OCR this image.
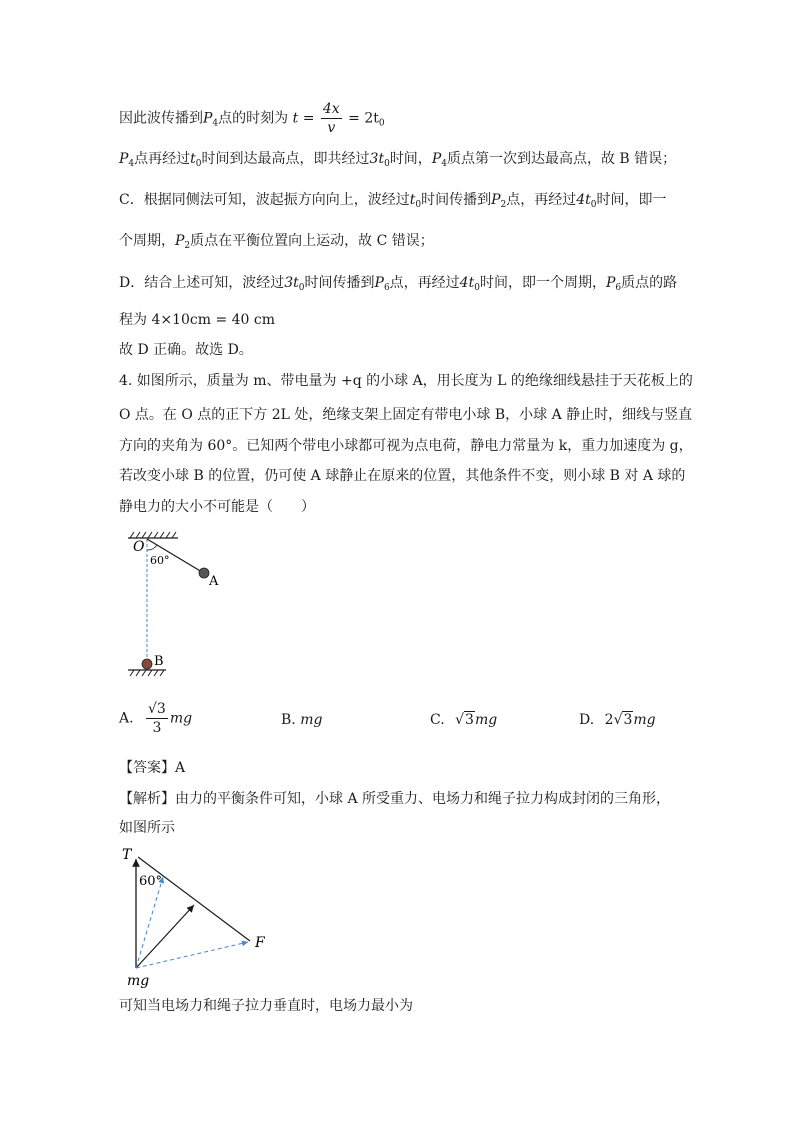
因此波传播到$P_4$点的时刻为 $t = \frac{4x}{v} = 2t_0$
$P_4$点再经过$t_0$时间到达最高点，即共经过$3t_0$时间，$P_4$质点第一次到达最高点，故 B 错误；
C．根据同侧法可知，波起振方向向上，波经过$t_0$时间传播到$P_2$点，再经过$4t_0$时间，即一
个周期，$P_2$质点在平衡位置向上运动，故 C 错误；
D．结合上述可知，波经过$3t_0$时间传播到$P_6$点，再经过$4t_0$时间，即一个周期，$P_6$质点的路
程为 4×10cm = 40 cm
故 D 正确。故选 D。
4. 如图所示，质量为 m、带电量为 +q 的小球 A，用长度为 L 的绝缘细线悬挂于天花板上的
O 点。在 O 点的正下方 2L 处，绝缘支架上固定有带电小球 B，小球 A 静止时，细线与竖直
方向的夹角为 60°。已知两个带电小球都可视为点电荷，静电力常量为 k，重力加速度为 g，
若改变小球 B 的位置，仍可使 A 球静止在原来的位置，其他条件不变，则小球 B 对 A 球的
静电力的大小不可能是（　　）
O
60°
A
B
A. $\frac{√3}{3}$ mg	B. mg	C. √3mg	D. 2√3mg
【答案】A
【解析】由力的平衡条件可知，小球 A 所受重力、电场力和绳子拉力构成封闭的三角形，
如图所示
T
60°
F
mg
可知当电场力和绳子拉力垂直时，电场力最小为
